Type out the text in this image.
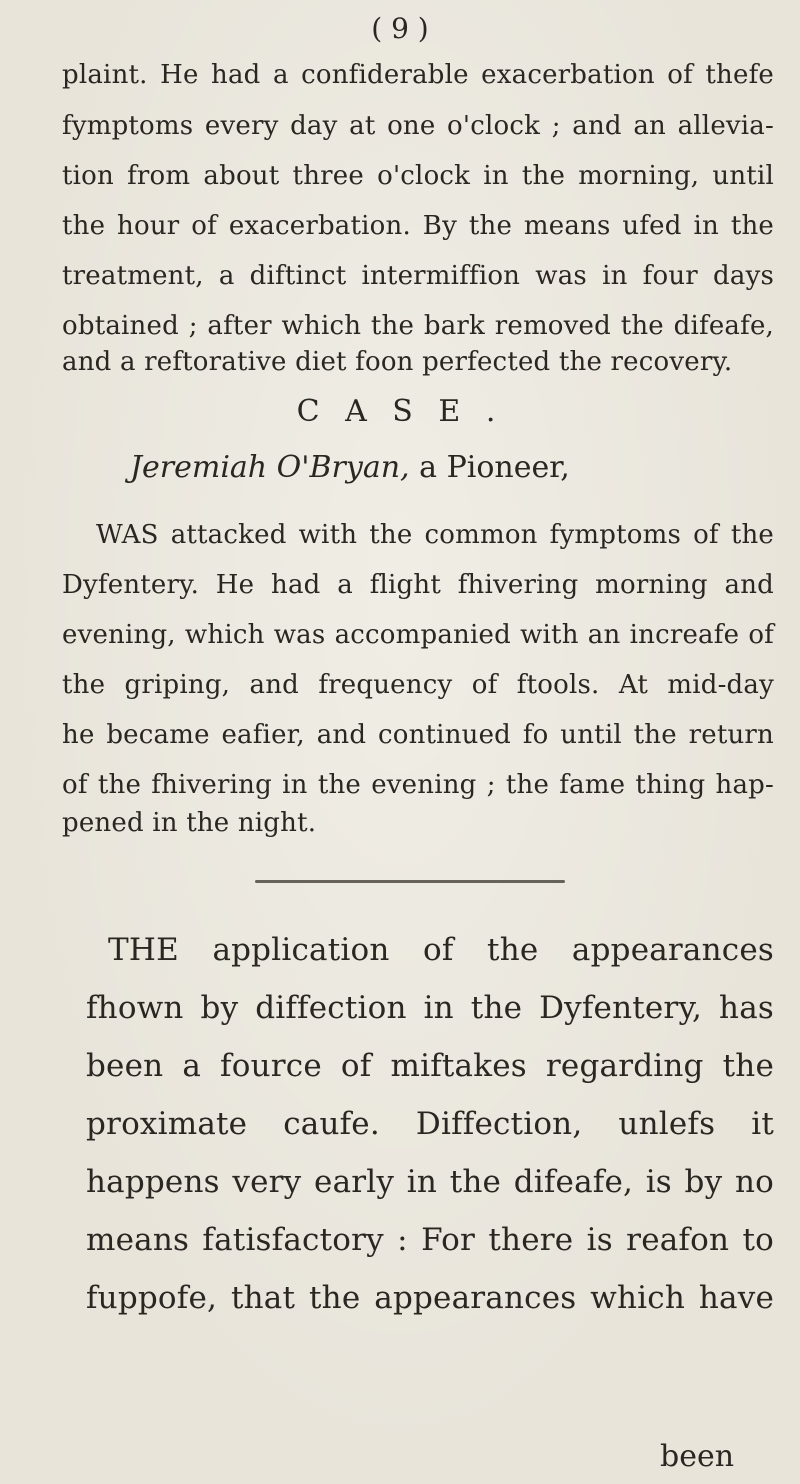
( 9 )
plaint. He had a confiderable exacerbation of thefe
fymptoms every day at one o'clock ; and an allevia-
tion from about three o'clock in the morning, until
the hour of exacerbation. By the means ufed in the
treatment, a diftinct intermiffion was in four days
obtained ; after which the bark removed the difeafe,
and a reftorative diet foon perfected the recovery.
C A S E .
Jeremiah O'Bryan, a Pioneer,
WAS attacked with the common fymptoms of the
Dyfentery. He had a flight fhivering morning and
evening, which was accompanied with an increafe of
the griping, and frequency of ftools. At mid-day
he became eafier, and continued fo until the return
of the fhivering in the evening ; the fame thing hap-
pened in the night.
THE application of the appearances
fhown by diffection in the Dyfentery, has
been a fource of miftakes regarding the
proximate caufe. Diffection, unlefs it
happens very early in the difeafe, is by no
means fatisfactory : For there is reafon to
fuppofe, that the appearances which have
been
